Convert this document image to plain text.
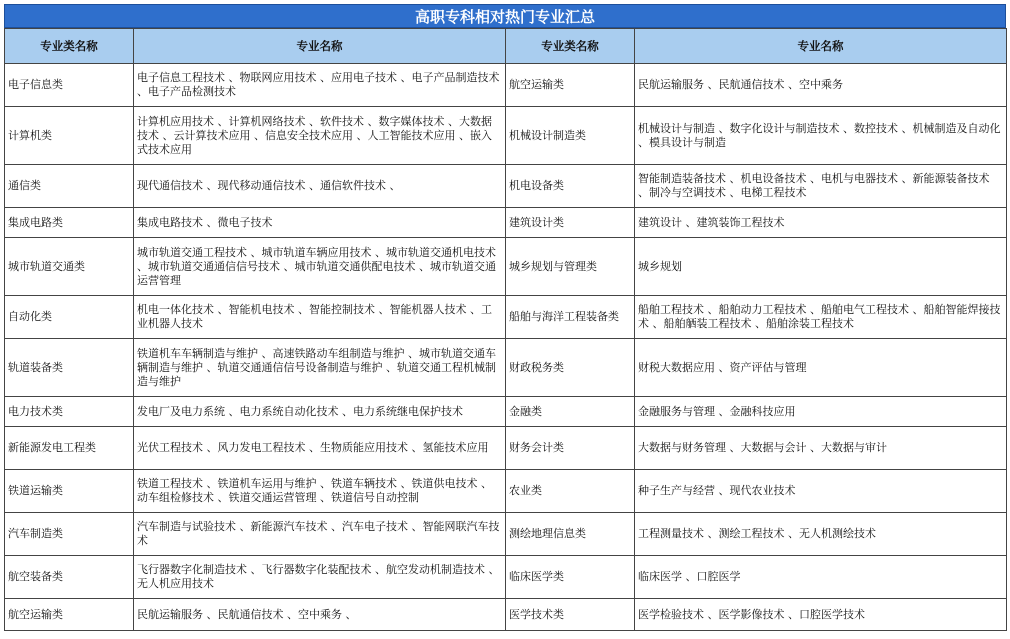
高职专科相对热门专业汇总
专业类名称	专业名称	专业类名称	专业名称
电子信息类	电子信息工程技术 、物联网应用技术 、应用电子技术 、电子产品制造技术 、电子产品检测技术	航空运输类	民航运输服务 、民航通信技术 、空中乘务
计算机类	计算机应用技术 、计算机网络技术 、软件技术 、数字媒体技术 、大数据技术 、云计算技术应用 、信息安全技术应用 、人工智能技术应用 、嵌入式技术应用	机械设计制造类	机械设计与制造 、数字化设计与制造技术 、数控技术 、机械制造及自动化 、模具设计与制造
通信类	现代通信技术 、现代移动通信技术 、通信软件技术 、	机电设备类	智能制造装备技术 、机电设备技术 、电机与电器技术 、新能源装备技术 、制冷与空调技术 、电梯工程技术
集成电路类	集成电路技术 、微电子技术	建筑设计类	建筑设计 、建筑装饰工程技术
城市轨道交通类	城市轨道交通工程技术 、城市轨道车辆应用技术 、城市轨道交通机电技术 、城市轨道交通通信信号技术 、城市轨道交通供配电技术 、城市轨道交通运营管理	城乡规划与管理类	城乡规划
自动化类	机电一体化技术 、智能机电技术 、智能控制技术 、智能机器人技术 、工业机器人技术	船舶与海洋工程装备类	船舶工程技术 、船舶动力工程技术 、船舶电气工程技术 、船舶智能焊接技术 、船舶舾装工程技术 、船舶涂装工程技术
轨道装备类	铁道机车车辆制造与维护 、高速铁路动车组制造与维护 、城市轨道交通车辆制造与维护 、轨道交通通信信号设备制造与维护 、轨道交通工程机械制造与维护	财政税务类	财税大数据应用 、资产评估与管理
电力技术类	发电厂及电力系统 、电力系统自动化技术 、电力系统继电保护技术	金融类	金融服务与管理 、金融科技应用
新能源发电工程类	光伏工程技术 、风力发电工程技术 、生物质能应用技术 、氢能技术应用	财务会计类	大数据与财务管理 、大数据与会计 、大数据与审计
铁道运输类	铁道工程技术 、铁道机车运用与维护 、铁道车辆技术 、铁道供电技术 、动车组检修技术 、铁道交通运营管理 、铁道信号自动控制	农业类	种子生产与经营 、现代农业技术
汽车制造类	汽车制造与试验技术 、新能源汽车技术 、汽车电子技术 、智能网联汽车技术	测绘地理信息类	工程测量技术 、测绘工程技术 、无人机测绘技术
航空装备类	飞行器数字化制造技术 、飞行器数字化装配技术 、航空发动机制造技术 、无人机应用技术	临床医学类	临床医学 、口腔医学
航空运输类	民航运输服务 、民航通信技术 、空中乘务 、	医学技术类	医学检验技术 、医学影像技术 、口腔医学技术
